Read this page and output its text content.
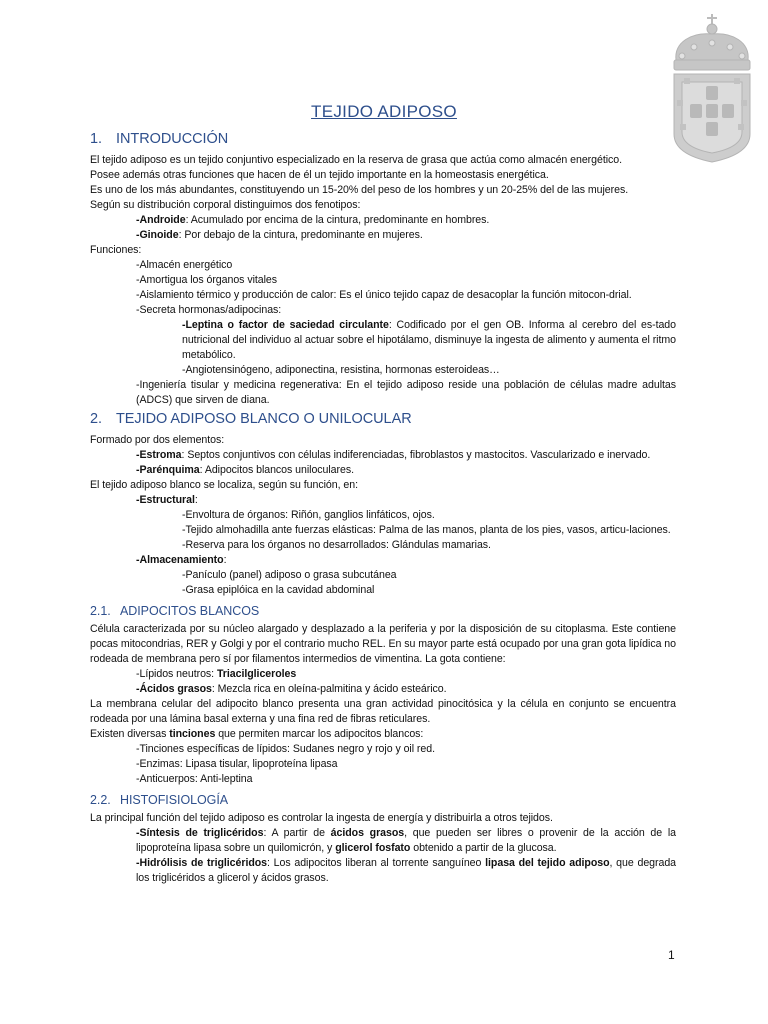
TEJIDO ADIPOSO
1. INTRODUCCIÓN

El tejido adiposo es un tejido conjuntivo especializado en la reserva de grasa que actúa como almacén energético.

Posee además otras funciones que hacen de él un tejido importante en la homeostasis energética.

Es uno de los más abundantes, constituyendo un 15-20% del peso de los hombres y un 20-25% del de las mujeres.

Según su distribución corporal distinguimos dos fenotipos:

-Androide: Acumulado por encima de la cintura, predominante en hombres.

-Ginoide: Por debajo de la cintura, predominante en mujeres.

Funciones:

-Almacén energético

-Amortigua los órganos vitales

-Aislamiento térmico y producción de calor: Es el único tejido capaz de desacoplar la función mitocon-drial.

-Secreta hormonas/adipocinas:

-Leptina o factor de saciedad circulante: Codificado por el gen OB. Informa al cerebro del es-tado nutricional del individuo al actuar sobre el hipotálamo, disminuye la ingesta de alimento y aumenta el ritmo metabólico.

-Angiotensinógeno, adiponectina, resistina, hormonas esteroideas…

-Ingeniería tisular y medicina regenerativa: En el tejido adiposo reside una población de células madre adultas (ADCS) que sirven de diana.

2. TEJIDO ADIPOSO BLANCO O UNILOCULAR

Formado por dos elementos:

-Estroma: Septos conjuntivos con células indiferenciadas, fibroblastos y mastocitos. Vascularizado e inervado.

-Parénquima: Adipocitos blancos uniloculares.

El tejido adiposo blanco se localiza, según su función, en:

-Estructural:

-Envoltura de órganos: Riñón, ganglios linfáticos, ojos.

-Tejido almohadilla ante fuerzas elásticas: Palma de las manos, planta de los pies, vasos, articu-laciones.

-Reserva para los órganos no desarrollados: Glándulas mamarias.

-Almacenamiento:

-Panículo (panel) adiposo o grasa subcutánea

-Grasa epiplóica en la cavidad abdominal

2.1. ADIPOCITOS BLANCOS

Célula caracterizada por su núcleo alargado y desplazado a la periferia y por la disposición de su citoplasma. Este contiene pocas mitocondrias, RER y Golgi y por el contrario mucho REL. En su mayor parte está ocupado por una gran gota lipídica no rodeada de membrana pero sí por filamentos intermedios de vimentina. La gota contiene:

-Lípidos neutros: Triacilgliceroles

-Ácidos grasos: Mezcla rica en oleína-palmitina y ácido esteárico.

La membrana celular del adipocito blanco presenta una gran actividad pinocitósica y la célula en conjunto se encuentra rodeada por una lámina basal externa y una fina red de fibras reticulares.

Existen diversas tinciones que permiten marcar los adipocitos blancos:

-Tinciones específicas de lípidos: Sudanes negro y rojo y oil red.

-Enzimas: Lipasa tisular, lipoproteína lipasa

-Anticuerpos: Anti-leptina

2.2. HISTOFISIOLOGÍA

La principal función del tejido adiposo es controlar la ingesta de energía y distribuirla a otros tejidos.

-Síntesis de triglicéridos: A partir de ácidos grasos, que pueden ser libres o provenir de la acción de la lipoproteína lipasa sobre un quilomicrón, y glicerol fosfato obtenido a partir de la glucosa.

-Hidrólisis de triglicéridos: Los adipocitos liberan al torrente sanguíneo lipasa del tejido adiposo, que degrada los triglicéridos a glicerol y ácidos grasos.

1
